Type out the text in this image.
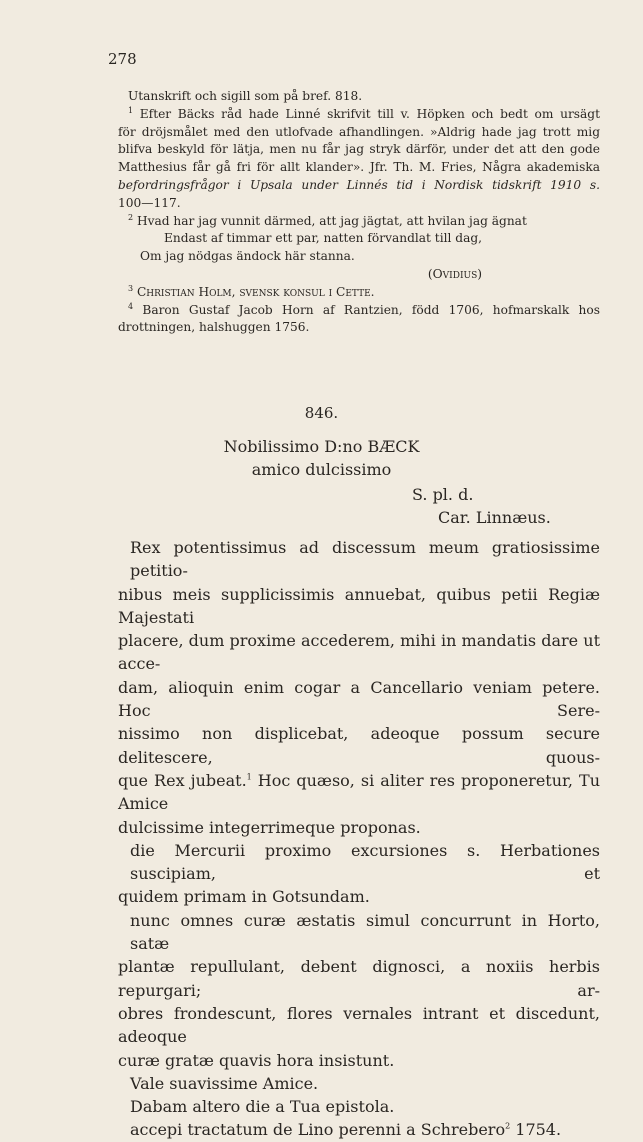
278

Utanskrift och sigill som på bref. 818.

$^1$ Efter Bäcks råd hade Linné skrifvit till v. Höpken och bedt om ursägt

för dröjsmålet med den utlofvade afhandlingen. »Aldrig hade jag trott mig

blifva beskyld för lätja, men nu får jag stryk därför, under det att den gode

Matthesius får gå fri för allt klander». Jfr. Th. M. Fries, Några akademiska

befordringsfrågor i Upsala under Linnés tid i Nordisk tidskrift 1910 s.

100—117.

$^2$ Hvad har jag vunnit därmed, att jag jägtat, att hvilan jag ägnat

Endast af timmar ett par, natten förvandlat till dag,

Om jag nödgas ändock här stanna.

(Ovidius)

$^3$ Christian Holm, svensk konsul i Cette.

$^4$ Baron Gustaf Jacob Horn af Rantzien, född 1706, hofmarskalk hos

drottningen, halshuggen 1756.

846.
Nobilissimo D:no BÆCK
amico dulcissimo
S. pl. d.
Car. Linnæus.

Rex potentissimus ad discessum meum gratiosissime petitio-

nibus meis supplicissimis annuebat, quibus petii Regiæ Majestati

placere, dum proxime accederem, mihi in mandatis dare ut acce-

dam, alioquin enim cogar a Cancellario veniam petere. Hoc Sere-

nissimo non displicebat, adeoque possum secure delitescere, quous-

que Rex jubeat.$^1$ Hoc quæso, si aliter res proponeretur, Tu Amice

dulcissime integerrimeque proponas.

die Mercurii proximo excursiones s. Herbationes suscipiam, et

quidem primam in Gotsundam.

nunc omnes curæ æstatis simul concurrunt in Horto, satæ

plantæ repullulant, debent dignosci, a noxiis herbis repurgari; ar-

obres frondescunt, flores vernales intrant et discedunt, adeoque

curæ gratæ quavis hora insistunt.

Vale suavissime Amice.

Dabam altero die a Tua epistola.

accepi tractatum de Lino perenni a Schrebero$^2$ 1754.
